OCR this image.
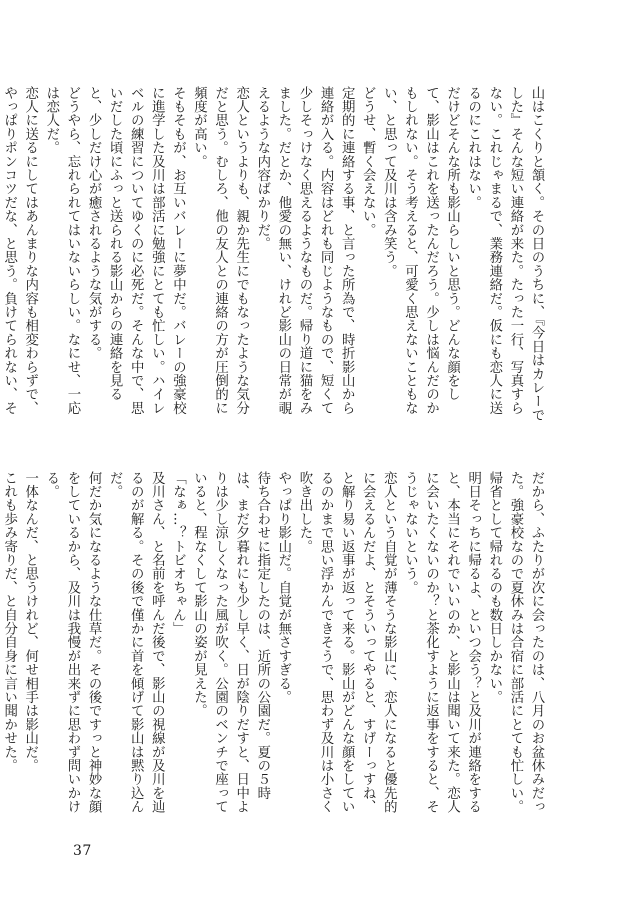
山はこくりと頷く。その日のうちに、『今日はカレーでした』そんな短い連絡が来た。たった一行、写真すらない。これじゃまるで、業務連絡だ。仮にも恋人に送るのにこれはない。

だけどそんな所も影山らしいと思う。どんな顔をして、影山はこれを送ったんだろう。少しは悩んだのかもしれない。そう考えると、可愛く思えないこともない、と思って及川は含み笑う。

どうせ、暫く会えない。

定期的に連絡する事、と言った所為で、時折影山から連絡が入る。内容はどれも同じようなもので、短くて少しそっけなく思えるようなものだ。帰り道に猫をみました。だとか、他愛の無い、けれど影山の日常が覗えるような内容ばかりだ。

恋人というよりも、親か先生にでもなったような気分だと思う。むしろ、他の友人との連絡の方が圧倒的に頻度が高い。

そもそもが、お互いバレーに夢中だ。バレーの強豪校に進学した及川は部活に勉強にとても忙しい。ハイレベルの練習についてゆくのに必死だ。そんな中で、思いだした頃にふっと送られる影山からの連絡を見ると、少しだけ心が癒されるような気がする。

どうやら、忘れられてはいないらしい。なにせ、一応は恋人だ。

恋人に送るにしてはあんまりな内容も相変わらずで、やっぱりポンコツだな、と思う。負けてられない、そ

だから、ふたりが次に会ったのは、八月のお盆休みだった。強豪校なので夏休みは合宿に部活にとても忙しい。帰省として帰れるのも数日しかない。

明日そっちに帰るよ、といつ会う？と及川が連絡をすると、本当にそれでいいのか、と影山は聞いて来た。恋人に会いたくないのか？と茶化すように返事をすると、そうじゃないという。

恋人という自覚が薄そうな影山に、恋人になると優先的に会えるんだよ、とそういってやると、すげーっすね、と解り易い返事が返って来る。影山がどんな顔をしているのかまで思い浮かんできそうで、思わず及川は小さく吹き出した。

やっぱり影山だ。自覚が無さすぎる。

待ち合わせに指定したのは、近所の公園だ。夏の５時は、まだ夕暮れにも少し早く、日が陰りだすと、日中よりは少し涼しくなった風が吹く。公園のベンチで座っていると、程なくして影山の姿が見えた。

「なぁ…？トビオちゃん」

及川さん、と名前を呼んだ後で、影山の視線が及川を辿るのが解る。その後で僅かに首を傾げて影山は黙り込んだ。

何だか気になるような仕草だ。その後ですっと神妙な顔をしているから、及川は我慢が出来ずに思わず問いかける。

一体なんだ、と思うけれど、何せ相手は影山だ。

これも歩み寄りだ、と自分自身に言い聞かせた。

37
